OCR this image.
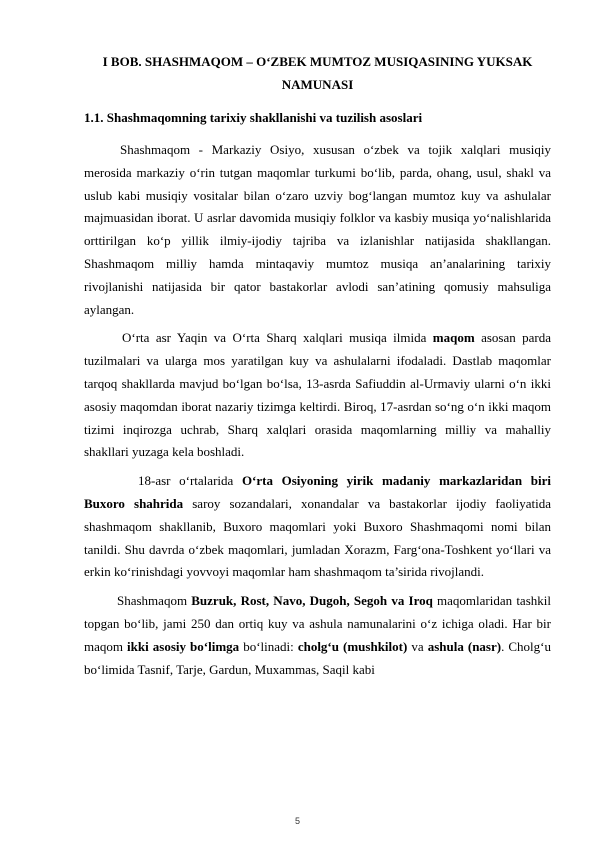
I BOB. SHASHMAQOM – O‘ZBEK MUMTOZ MUSIQASINING YUKSAK NAMUNASI
1.1. Shashmaqomning tarixiy shakllanishi va tuzilish asoslari

Shashmaqom - Markaziy Osiyo, xususan o‘zbek va tojik xalqlari musiqiy merosida markaziy o‘rin tutgan maqomlar turkumi bo‘lib, parda, ohang, usul, shakl va uslub kabi musiqiy vositalar bilan o‘zaro uzviy bog‘langan mumtoz kuy va ashulalar majmuasidan iborat. U asrlar davomida musiqiy folklor va kasbiy musiqa yo‘nalishlarida orttirilgan ko‘p yillik ilmiy-ijodiy tajriba va izlanishlar natijasida shakllangan. Shashmaqom milliy hamda mintaqaviy mumtoz musiqa an’analarining tarixiy rivojlanishi natijasida bir qator bastakorlar avlodi san’atining qomusiy mahsuliga aylangan.

O‘rta asr Yaqin va O‘rta Sharq xalqlari musiqa ilmida maqom asosan parda tuzilmalari va ularga mos yaratilgan kuy va ashulalarni ifodaladi. Dastlab maqomlar tarqoq shakllarda mavjud bo‘lgan bo‘lsa, 13-asrda Safiuddin al-Urmaviy ularni o‘n ikki asosiy maqomdan iborat nazariy tizimga keltirdi. Biroq, 17-asrdan so‘ng o‘n ikki maqom tizimi inqirozga uchrab, Sharq xalqlari orasida maqomlarning milliy va mahalliy shakllari yuzaga kela boshladi.

18-asr o‘rtalarida O‘rta Osiyoning yirik madaniy markazlaridan biri Buxoro shahrida saroy sozandalari, xonandalar va bastakorlar ijodiy faoliyatida shashmaqom shakllanib, Buxoro maqomlari yoki Buxoro Shashmaqomi nomi bilan tanildi. Shu davrda o‘zbek maqomlari, jumladan Xorazm, Farg‘ona-Toshkent yo‘llari va erkin ko‘rinishdagi yovvoyi maqomlar ham shashmaqom ta’sirida rivojlandi.

Shashmaqom Buzruk, Rost, Navo, Dugoh, Segoh va Iroq maqomlaridan tashkil topgan bo‘lib, jami 250 dan ortiq kuy va ashula namunalarini o‘z ichiga oladi. Har bir maqom ikki asosiy bo‘limga bo‘linadi: cholg‘u (mushkilot) va ashula (nasr). Cholg‘u bo‘limida Tasnif, Tarje, Gardun, Muxammas, Saqil kabi

5
